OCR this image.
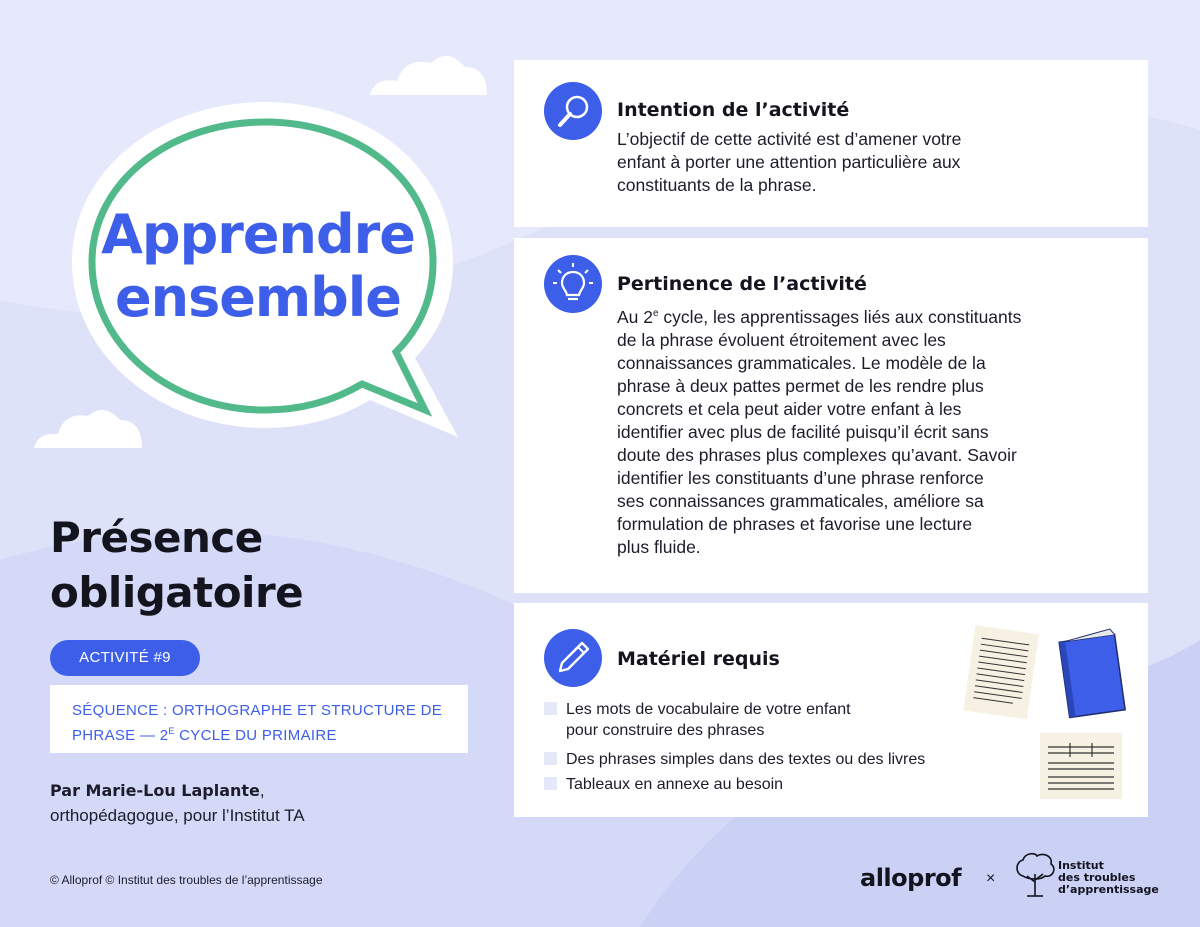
Apprendre
ensemble
Présence
obligatoire
ACTIVITÉ #9
SÉQUENCE : ORTHOGRAPHE ET STRUCTURE DE
PHRASE — $2^E$ CYCLE DU PRIMAIRE
Par Marie-Lou Laplante,
orthopédagogue, pour l’Institut TA
© Alloprof © Institut des troubles de l’apprentissage
Intention de l’activité
L’objectif de cette activité est d’amener votre
enfant à porter une attention particulière aux
constituants de la phrase.
Pertinence de l’activité
Au 2e cycle, les apprentissages liés aux constituants
de la phrase évoluent étroitement avec les
connaissances grammaticales. Le modèle de la
phrase à deux pattes permet de les rendre plus
concrets et cela peut aider votre enfant à les
identifier avec plus de facilité puisqu’il écrit sans
doute des phrases plus complexes qu’avant. Savoir
identifier les constituants d’une phrase renforce
ses connaissances grammaticales, améliore sa
formulation de phrases et favorise une lecture
plus fluide.
Matériel requis
Les mots de vocabulaire de votre enfant
pour construire des phrases
Des phrases simples dans des textes ou des livres
Tableaux en annexe au besoin
alloprof ×
Institut
des troubles
d’apprentissage
